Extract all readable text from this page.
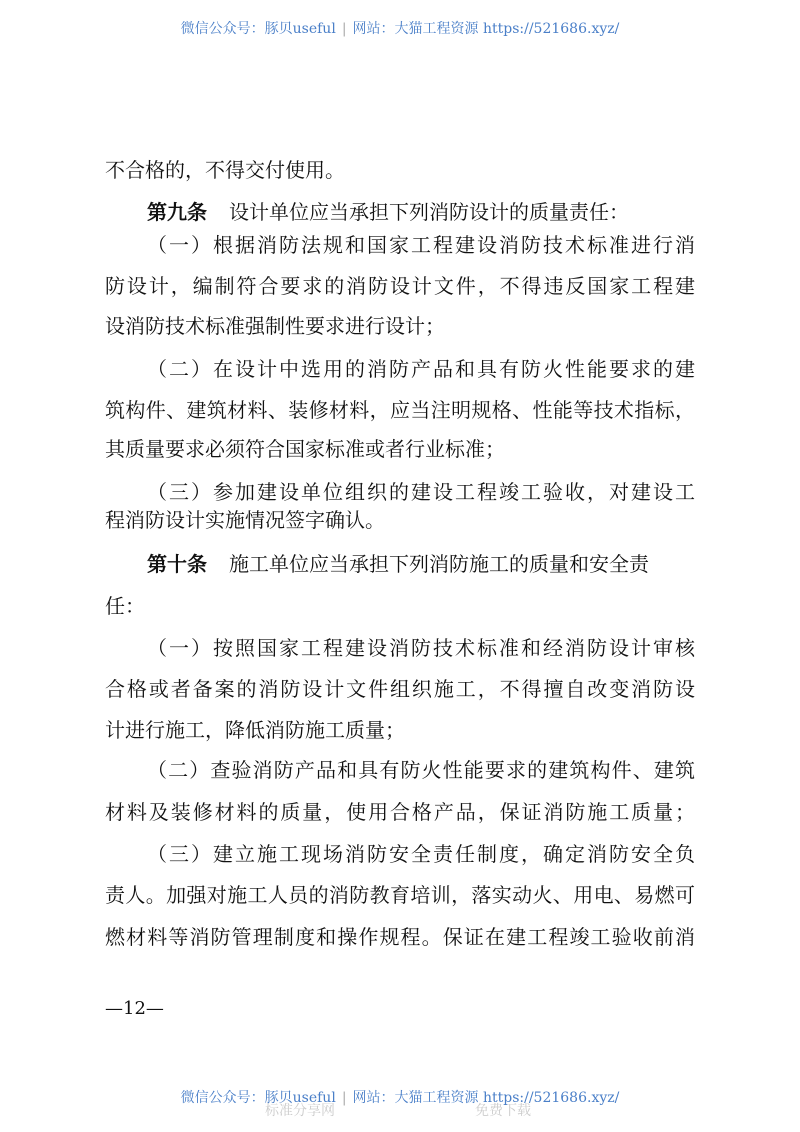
微信公众号：豚贝useful | 网站：大猫工程资源 https://521686.xyz/
不合格的，不得交付使用。
第九条 设计单位应当承担下列消防设计的质量责任：
（一）根据消防法规和国家工程建设消防技术标准进行消
防设计，编制符合要求的消防设计文件，不得违反国家工程建
设消防技术标准强制性要求进行设计；
（二）在设计中选用的消防产品和具有防火性能要求的建
筑构件、建筑材料、装修材料，应当注明规格、性能等技术指标，
其质量要求必须符合国家标准或者行业标准；
（三）参加建设单位组织的建设工程竣工验收，对建设工
程消防设计实施情况签字确认。
第十条 施工单位应当承担下列消防施工的质量和安全责
任：
（一）按照国家工程建设消防技术标准和经消防设计审核
合格或者备案的消防设计文件组织施工，不得擅自改变消防设
计进行施工，降低消防施工质量；
（二）查验消防产品和具有防火性能要求的建筑构件、建筑
材料及装修材料的质量，使用合格产品，保证消防施工质量；
（三）建立施工现场消防安全责任制度，确定消防安全负
责人。加强对施工人员的消防教育培训，落实动火、用电、易燃可
燃材料等消防管理制度和操作规程。保证在建工程竣工验收前消
—12—
标准分享网	免费下载
微信公众号：豚贝useful | 网站：大猫工程资源 https://521686.xyz/
